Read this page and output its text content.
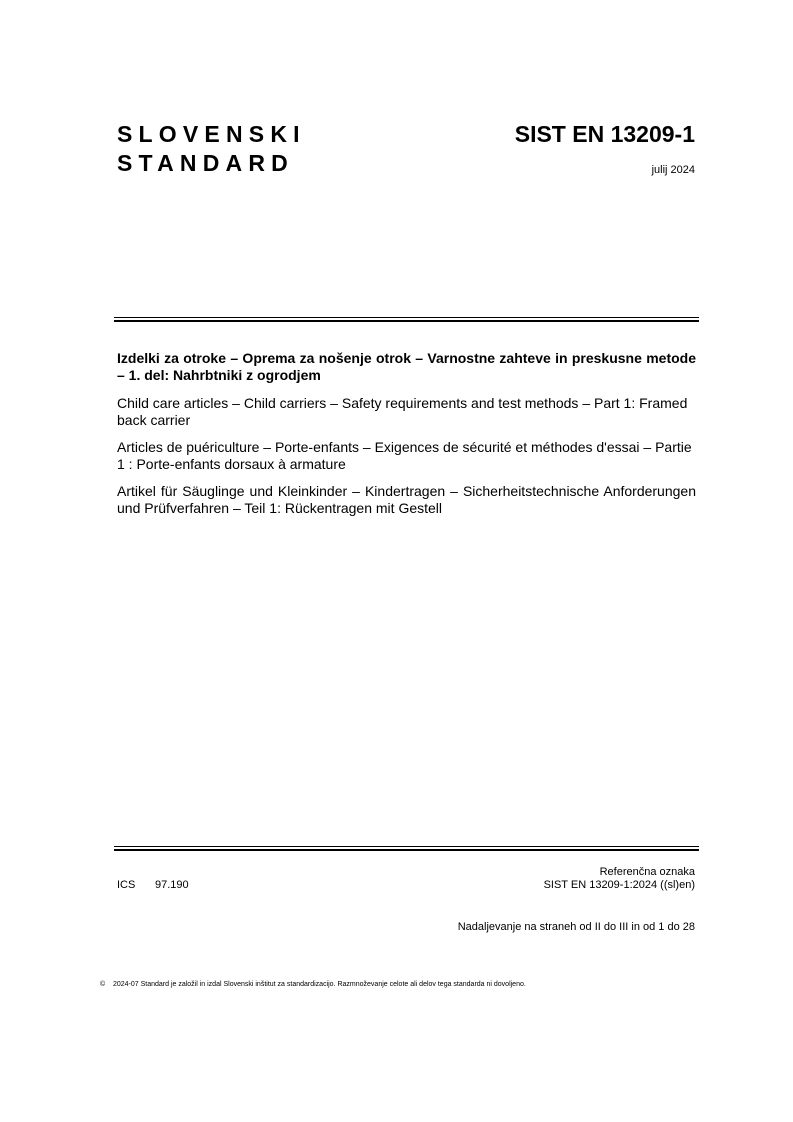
SLOVENSKI
STANDARD
SIST EN 13209-1
julij 2024

Izdelki za otroke – Oprema za nošenje otrok – Varnostne zahteve in preskusne metode – 1. del: Nahrbtniki z ogrodjem

Child care articles – Child carriers – Safety requirements and test methods – Part 1: Framed back carrier

Articles de puériculture – Porte-enfants – Exigences de sécurité et méthodes d'essai – Partie 1 : Porte-enfants dorsaux à armature

Artikel für Säuglinge und Kleinkinder – Kindertragen – Sicherheitstechnische Anforderungen und Prüfverfahren – Teil 1: Rückentragen mit Gestell

Referenčna oznaka
SIST EN 13209-1:2024 ((sl)en)
ICS 97.190
Nadaljevanje na straneh od II do III in od 1 do 28
© 2024-07 Standard je založil in izdal Slovenski inštitut za standardizacijo. Razmnoževanje celote ali delov tega standarda ni dovoljeno.
